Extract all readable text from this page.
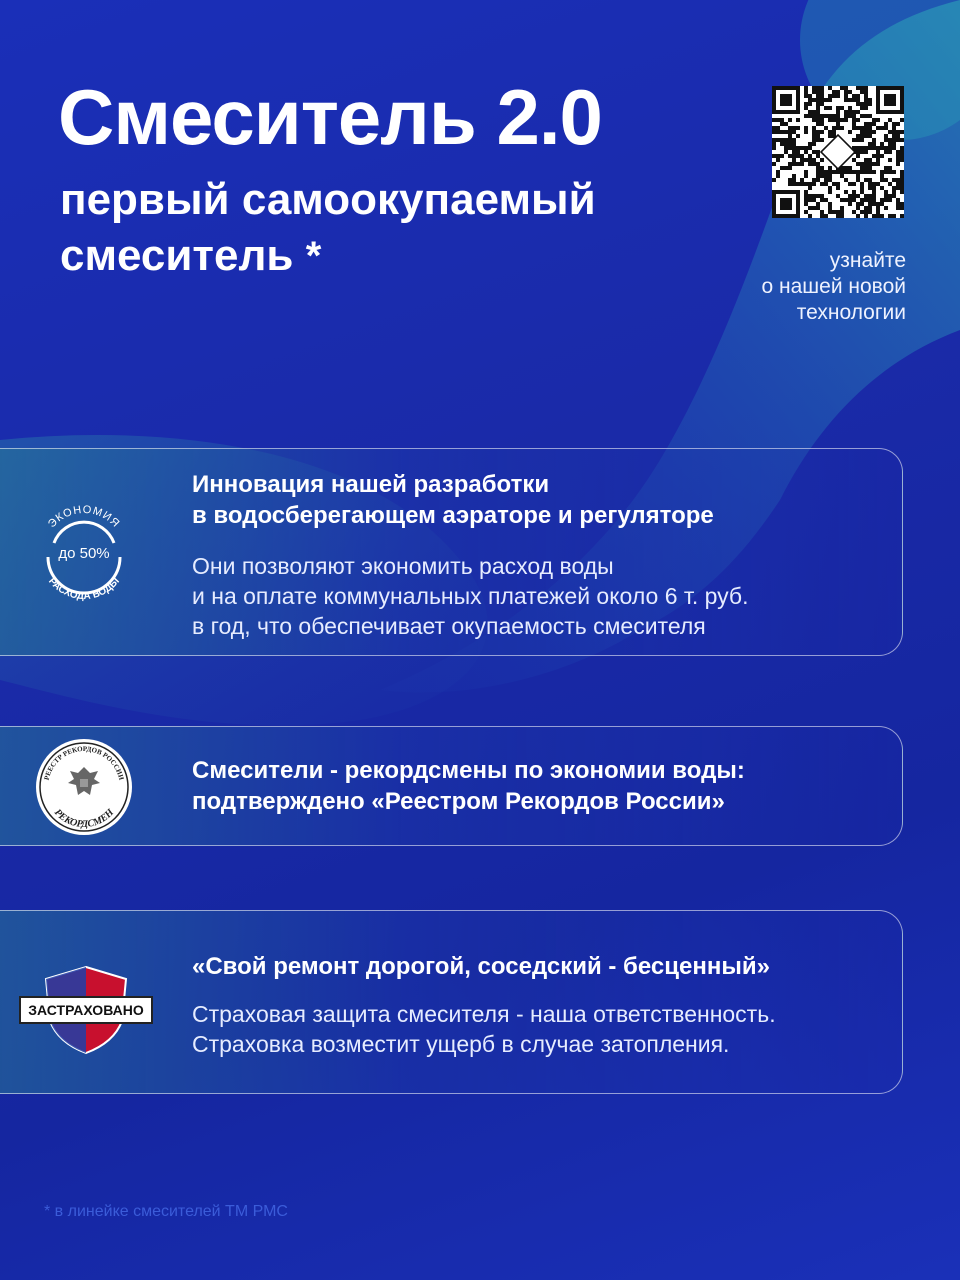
Смеситель 2.0
первый самоокупаемый смеситель *	узнайте
о нашей новой
технологии
ЭКОНОМИЯ
до 50%
РАСХОДА ВОДЫ
Инновация нашей разработки
в водосберегающем аэраторе и регуляторе
Они позволяют экономить расход воды
и на оплате коммунальных платежей около 6 т. руб.
в год, что обеспечивает окупаемость смесителя
РЕЕСТР РЕКОРДОВ РОССИИ
РЕКОРДСМЕН
Смесители - рекордсмены по экономии воды:
подтверждено «Реестром Рекордов России»
ЗАСТРАХОВАНО
«Свой ремонт дорогой, соседский - бесценный»
Страховая защита смесителя - наша ответственность.
Страховка возместит ущерб в случае затопления.
* в линейке смесителей ТМ РМС
